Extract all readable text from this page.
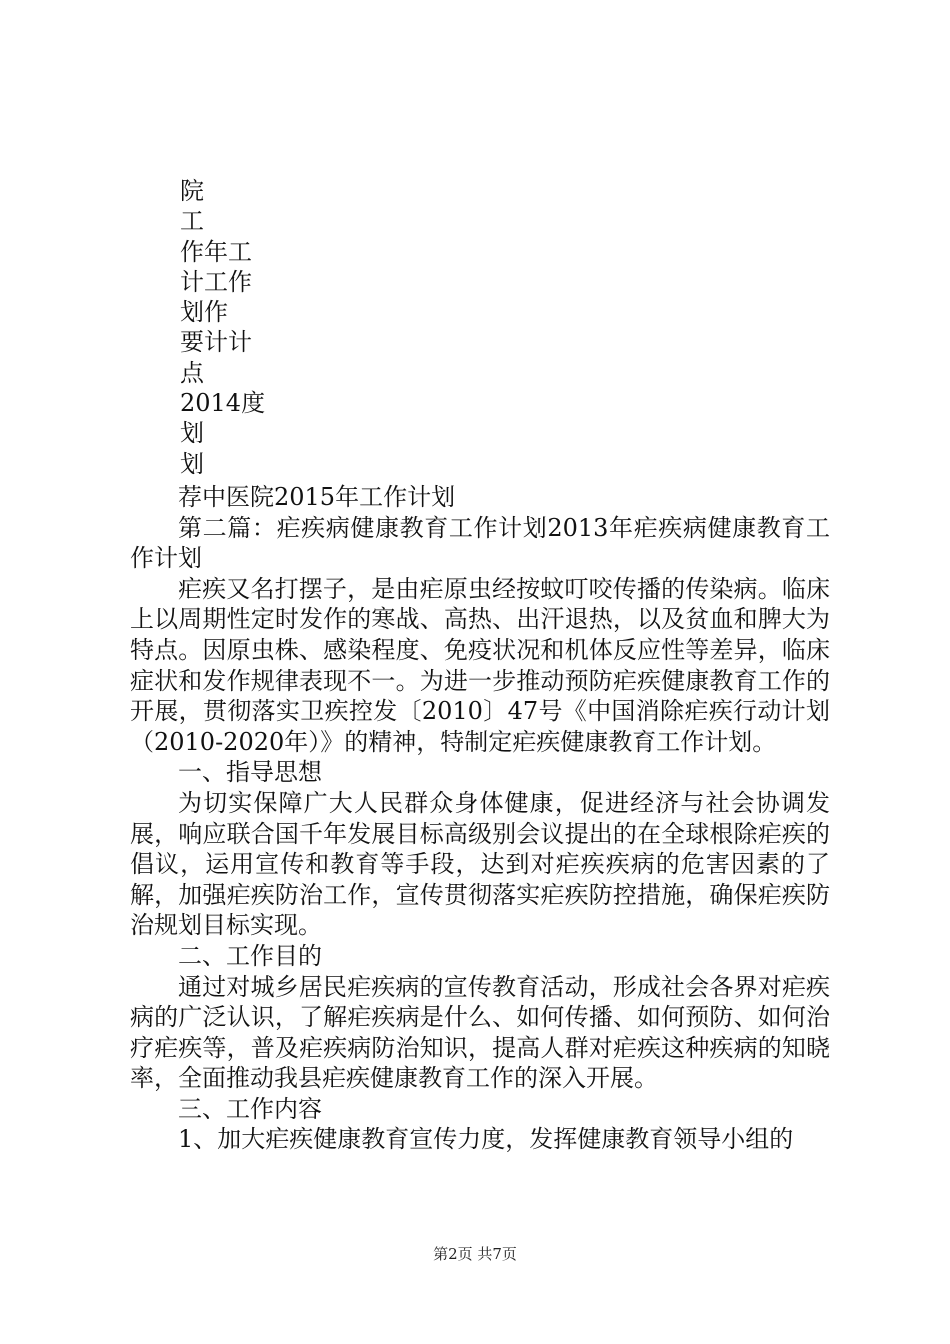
院
工
作年工
计工作
划作
要计计
点
2014度
划
划

荐中医院2015年工作计划

第二篇：疟疾病健康教育工作计划2013年疟疾病健康教育工作计划

疟疾又名打摆子，是由疟原虫经按蚊叮咬传播的传染病。临床上以周期性定时发作的寒战、高热、出汗退热，以及贫血和脾大为特点。因原虫株、感染程度、免疫状况和机体反应性等差异，临床症状和发作规律表现不一。为进一步推动预防疟疾健康教育工作的开展，贯彻落实卫疾控发〔2010〕47号《中国消除疟疾行动计划（2010-2020年）》的精神，特制定疟疾健康教育工作计划。

一、指导思想

为切实保障广大人民群众身体健康，促进经济与社会协调发展，响应联合国千年发展目标高级别会议提出的在全球根除疟疾的倡议，运用宣传和教育等手段，达到对疟疾疾病的危害因素的了解，加强疟疾防治工作，宣传贯彻落实疟疾防控措施，确保疟疾防治规划目标实现。

二、工作目的

通过对城乡居民疟疾病的宣传教育活动，形成社会各界对疟疾病的广泛认识，了解疟疾病是什么、如何传播、如何预防、如何治疗疟疾等，普及疟疾病防治知识，提高人群对疟疾这种疾病的知晓率，全面推动我县疟疾健康教育工作的深入开展。

三、工作内容

1、加大疟疾健康教育宣传力度，发挥健康教育领导小组的

第2页 共7页
